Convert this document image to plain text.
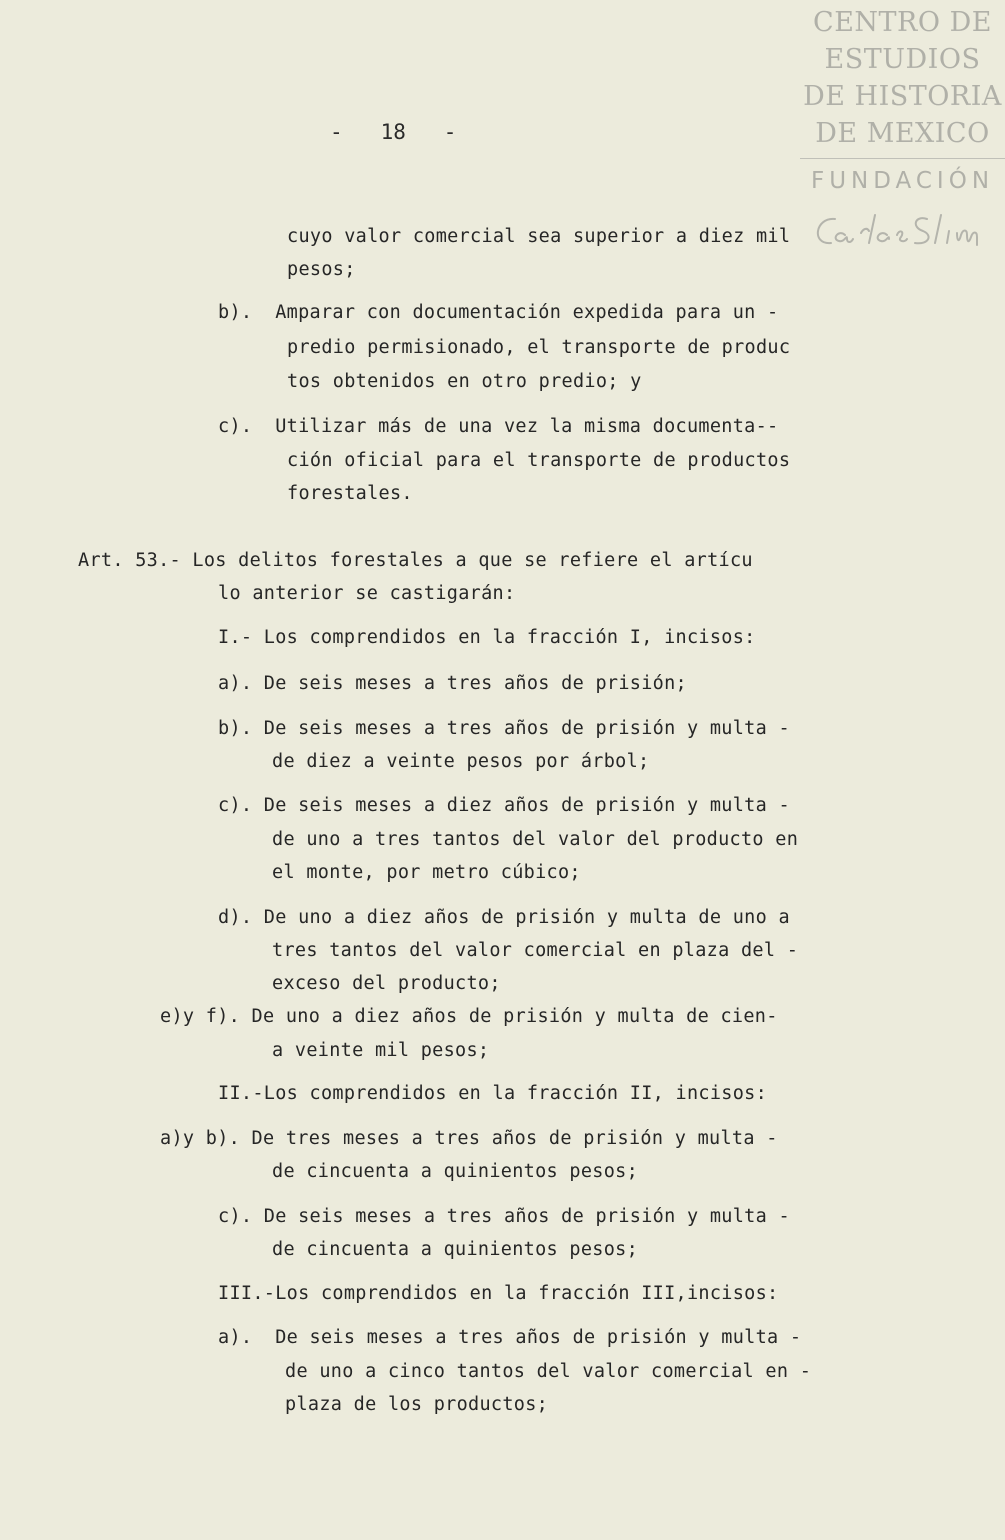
CENTRO DE
ESTUDIOS
DE HISTORIA
DE MEXICO
FUNDACIÓN
-   18   -
cuyo valor comercial sea superior a diez mil
pesos;
b).  Amparar con documentación expedida para un -
predio permisionado, el transporte de produc
tos obtenidos en otro predio; y
c).  Utilizar más de una vez la misma documenta--
ción oficial para el transporte de productos
forestales.
Art. 53.- Los delitos forestales a que se refiere el artícu
lo anterior se castigarán:
I.- Los comprendidos en la fracción I, incisos:
a). De seis meses a tres años de prisión;
b). De seis meses a tres años de prisión y multa -
de diez a veinte pesos por árbol;
c). De seis meses a diez años de prisión y multa -
de uno a tres tantos del valor del producto en
el monte, por metro cúbico;
d). De uno a diez años de prisión y multa de uno a
tres tantos del valor comercial en plaza del -
exceso del producto;
e)y f). De uno a diez años de prisión y multa de cien-
a veinte mil pesos;
II.-Los comprendidos en la fracción II, incisos:
a)y b). De tres meses a tres años de prisión y multa -
de cincuenta a quinientos pesos;
c). De seis meses a tres años de prisión y multa -
de cincuenta a quinientos pesos;
III.-Los comprendidos en la fracción III,incisos:
a).  De seis meses a tres años de prisión y multa -
de uno a cinco tantos del valor comercial en -
plaza de los productos;
